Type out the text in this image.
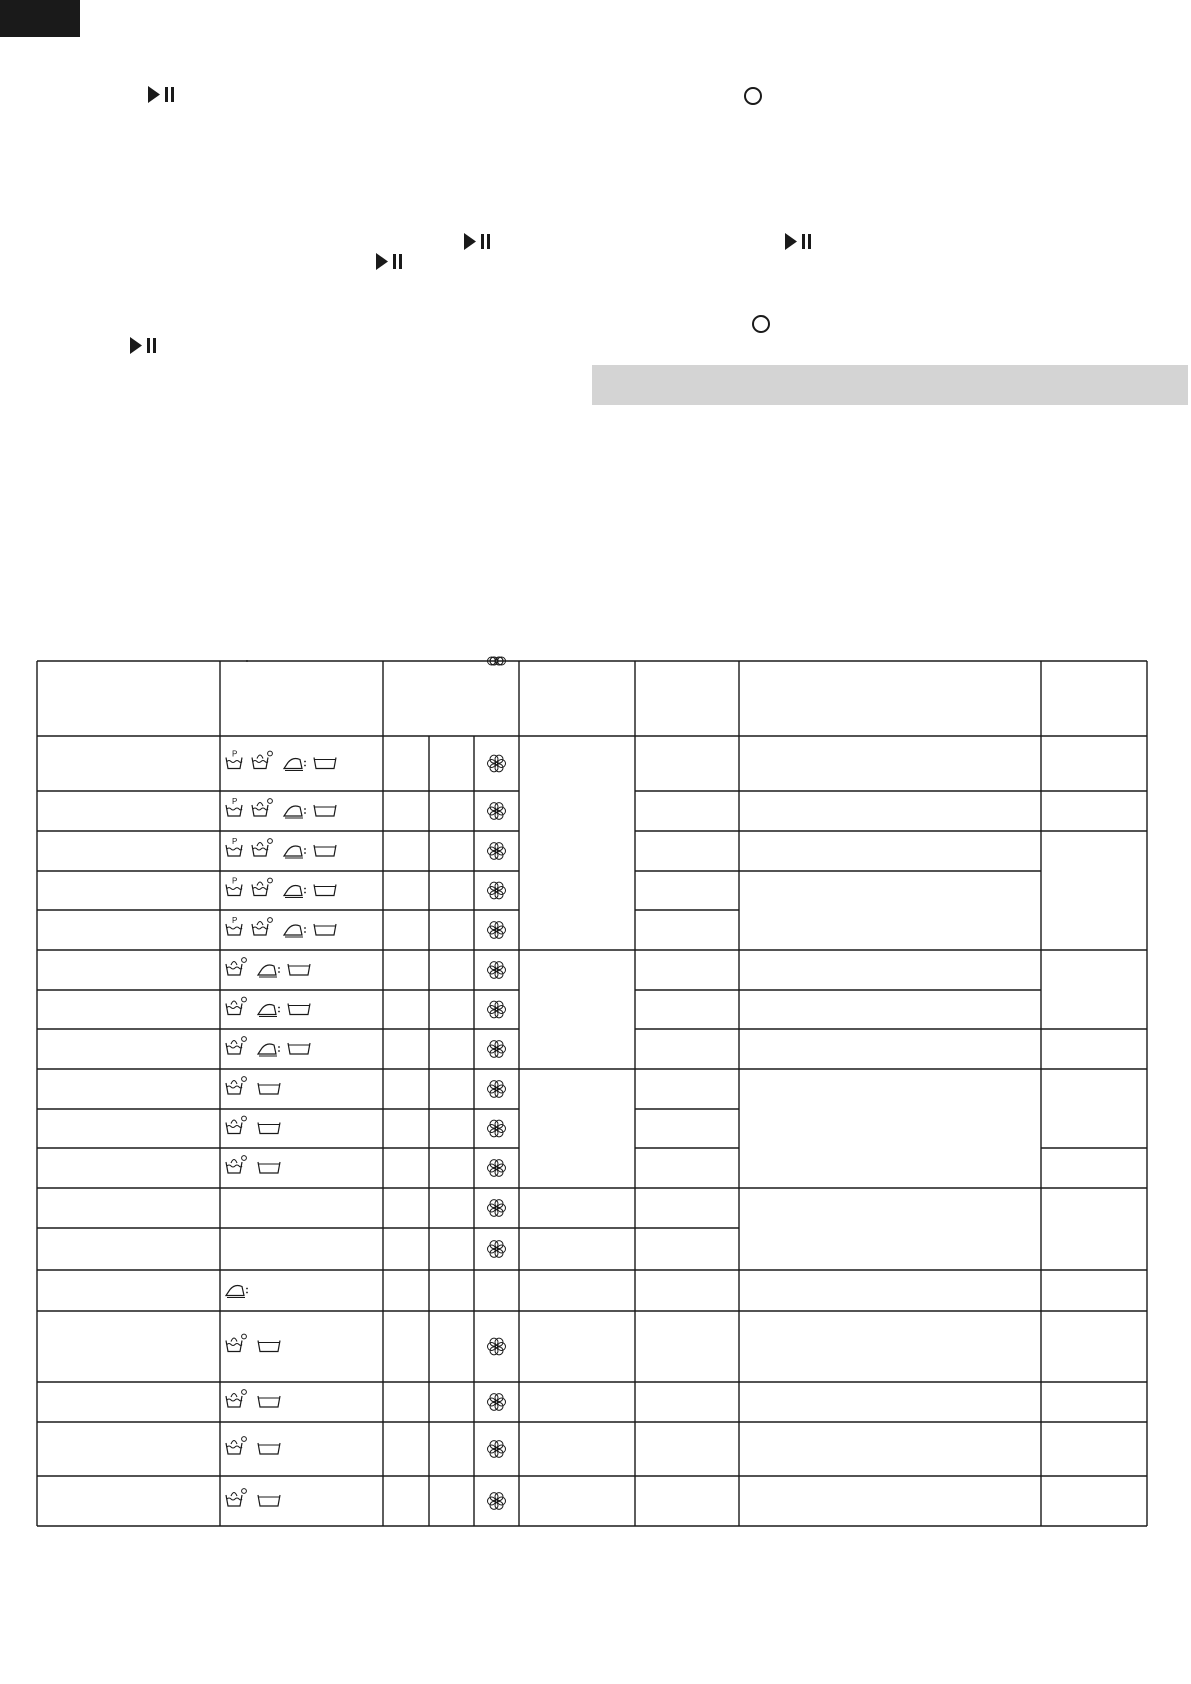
P
P
P
P
P
